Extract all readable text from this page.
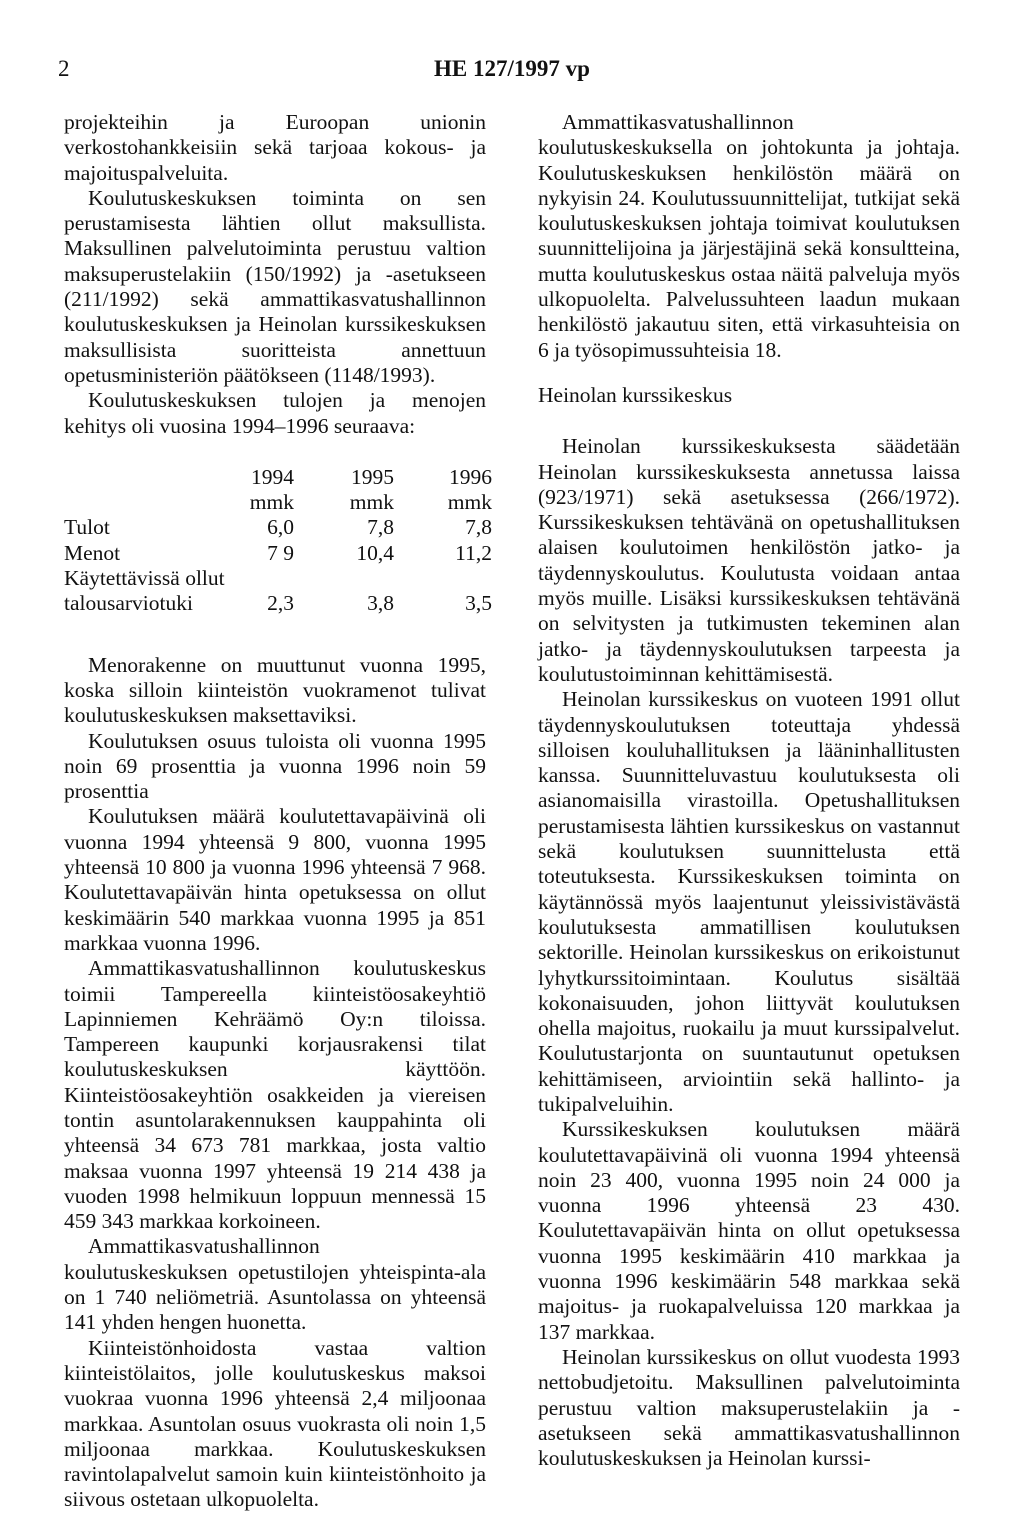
2	HE 127/1997 vp

projekteihin ja Euroopan unionin verkostohankkeisiin sekä tarjoaa kokous- ja majoituspalveluita.

Koulutuskeskuksen toiminta on sen perustamisesta lähtien ollut maksullista. Maksullinen palvelutoiminta perustuu valtion maksuperustelakiin (150/1992) ja -asetukseen (211/1992) sekä ammattikasvatushallinnon koulutuskeskuksen ja Heinolan kurssikeskuksen maksullisista suoritteista annettuun opetusministeriön päätökseen (1148/1993).

Koulutuskeskuksen tulojen ja menojen kehitys oli vuosina 1994–1996 seuraava:

	1994	1995	1996
	mmk	mmk	mmk
Tulot	6,0	7,8	7,8
Menot	7 9	10,4	11,2
Käytettävissä ollut			
talousarviotuki	2,3	3,8	3,5

Menorakenne on muuttunut vuonna 1995, koska silloin kiinteistön vuokramenot tulivat koulutuskeskuksen maksettaviksi.

Koulutuksen osuus tuloista oli vuonna 1995 noin 69 prosenttia ja vuonna 1996 noin 59 prosenttia

Koulutuksen määrä koulutettavapäivinä oli vuonna 1994 yhteensä 9 800, vuonna 1995 yhteensä 10 800 ja vuonna 1996 yhteensä 7 968. Koulutettavapäivän hinta opetuksessa on ollut keskimäärin 540 markkaa vuonna 1995 ja 851 markkaa vuonna 1996.

Ammattikasvatushallinnon koulutuskeskus toimii Tampereella kiinteistöosakeyhtiö Lapinniemen Kehräämö Oy:n tiloissa. Tampereen kaupunki korjausrakensi tilat koulutuskeskuksen käyttöön. Kiinteistöosakeyhtiön osakkeiden ja viereisen tontin asuntolarakennuksen kauppahinta oli yhteensä 34 673 781 markkaa, josta valtio maksaa vuonna 1997 yhteensä 19 214 438 ja vuoden 1998 helmikuun loppuun mennessä 15 459 343 markkaa korkoineen.

Ammattikasvatushallinnon koulutuskeskuksen opetustilojen yhteispinta-ala on 1 740 neliömetriä. Asuntolassa on yhteensä 141 yhden hengen huonetta.

Kiinteistönhoidosta vastaa valtion kiinteistölaitos, jolle koulutuskeskus maksoi vuokraa vuonna 1996 yhteensä 2,4 miljoonaa markkaa. Asuntolan osuus vuokrasta oli noin 1,5 miljoonaa markkaa. Koulutuskeskuksen ravintolapalvelut samoin kuin kiinteistönhoito ja siivous ostetaan ulkopuolelta.

Ammattikasvatushallinnon koulutuskeskuksella on johtokunta ja johtaja. Koulutuskeskuksen henkilöstön määrä on nykyisin 24. Koulutussuunnittelijat, tutkijat sekä koulutuskeskuksen johtaja toimivat koulutuksen suunnittelijoina ja järjestäjinä sekä konsultteina, mutta koulutuskeskus ostaa näitä palveluja myös ulkopuolelta. Palvelussuhteen laadun mukaan henkilöstö jakautuu siten, että virkasuhteisia on 6 ja työsopimussuhteisia 18.

Heinolan kurssikeskus

Heinolan kurssikeskuksesta säädetään Heinolan kurssikeskuksesta annetussa laissa (923/1971) sekä asetuksessa (266/1972). Kurssikeskuksen tehtävänä on opetushallituksen alaisen koulutoimen henkilöstön jatko- ja täydennyskoulutus. Koulutusta voidaan antaa myös muille. Lisäksi kurssikeskuksen tehtävänä on selvitysten ja tutkimusten tekeminen alan jatko- ja täydennyskoulutuksen tarpeesta ja koulutustoiminnan kehittämisestä.

Heinolan kurssikeskus on vuoteen 1991 ollut täydennyskoulutuksen toteuttaja yhdessä silloisen kouluhallituksen ja lääninhallitusten kanssa. Suunnitteluvastuu koulutuksesta oli asianomaisilla virastoilla. Opetushallituksen perustamisesta lähtien kurssikeskus on vastannut sekä koulutuksen suunnittelusta että toteutuksesta. Kurssikeskuksen toiminta on käytännössä myös laajentunut yleissivistävästä koulutuksesta ammatillisen koulutuksen sektorille. Heinolan kurssikeskus on erikoistunut lyhytkurssitoimintaan. Koulutus sisältää kokonaisuuden, johon liittyvät koulutuksen ohella majoitus, ruokailu ja muut kurssipalvelut. Koulutustarjonta on suuntautunut opetuksen kehittämiseen, arviointiin sekä hallinto- ja tukipalveluihin.

Kurssikeskuksen koulutuksen määrä koulutettavapäivinä oli vuonna 1994 yhteensä noin 23 400, vuonna 1995 noin 24 000 ja vuonna 1996 yhteensä 23 430. Koulutettavapäivän hinta on ollut opetuksessa vuonna 1995 keskimäärin 410 markkaa ja vuonna 1996 keskimäärin 548 markkaa sekä majoitus- ja ruokapalveluissa 120 markkaa ja 137 markkaa.

Heinolan kurssikeskus on ollut vuodesta 1993 nettobudjetoitu. Maksullinen palvelutoiminta perustuu valtion maksuperustelakiin ja -asetukseen sekä ammattikasvatushallinnon koulutuskeskuksen ja Heinolan kurssi-
